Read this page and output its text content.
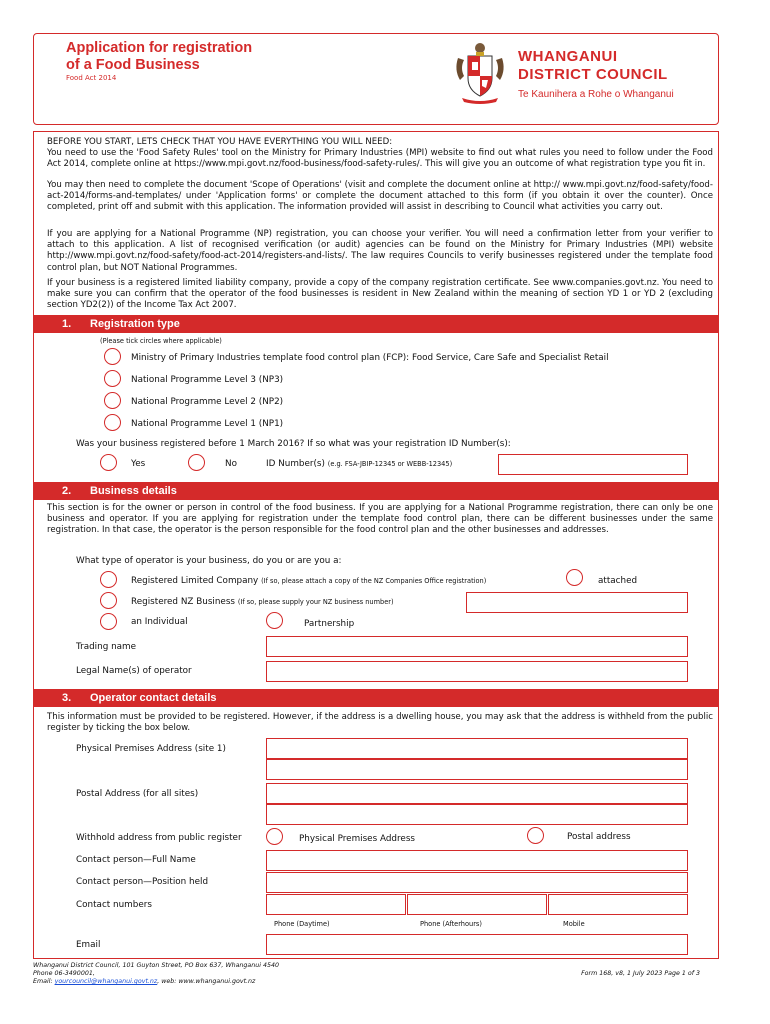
Application for registration
of a Food Business
Food Act 2014
WHANGANUI
DISTRICT COUNCIL
Te Kaunihera a Rohe o Whanganui
BEFORE YOU START, LETS CHECK THAT YOU HAVE EVERYTHING YOU WILL NEED:
You need to use the 'Food Safety Rules' tool on the Ministry for Primary Industries (MPI) website to find out what rules you need to follow under the Food Act 2014, complete online at https://www.mpi.govt.nz/food-business/food-safety-rules/. This will give you an outcome of what registration type you fit in.
You may then need to complete the document 'Scope of Operations' (visit and complete the document online at http:// www.mpi.govt.nz/food-safety/food-act-2014/forms-and-templates/ under 'Application forms' or complete the document attached to this form (if you obtain it over the counter). Once completed, print off and submit with this application. The information provided will assist in describing to Council what activities you carry out.
If you are applying for a National Programme (NP) registration, you can choose your verifier. You will need a confirmation letter from your verifier to attach to this application. A list of recognised verification (or audit) agencies can be found on the Ministry for Primary Industries (MPI) website http://www.mpi.govt.nz/food-safety/food-act-2014/registers-and-lists/. The law requires Councils to verify businesses registered under the template food control plan, but NOT National Programmes.
If your business is a registered limited liability company, provide a copy of the company registration certificate. See www.companies.govt.nz. You need to make sure you can confirm that the operator of the food businesses is resident in New Zealand within the meaning of section YD 1 or YD 2 (excluding section YD2(2)) of the Income Tax Act 2007.
1. Registration type
(Please tick circles where applicable)
Ministry of Primary Industries template food control plan (FCP): Food Service, Care Safe and Specialist Retail
National Programme Level 3 (NP3)
National Programme Level 2 (NP2)
National Programme Level 1 (NP1)
Was your business registered before 1 March 2016? If so what was your registration ID Number(s):
Yes	No	ID Number(s) (e.g. FSA-JBIP-12345 or WEBB-12345)
2. Business details
This section is for the owner or person in control of the food business. If you are applying for a National Programme registration, there can only be one business and operator. If you are applying for registration under the template food control plan, there can be different businesses under the same registration. In that case, the operator is the person responsible for the food control plan and the other businesses and addresses.
What type of operator is your business, do you or are you a:
Registered Limited Company (If so, please attach a copy of the NZ Companies Office registration)	attached
Registered NZ Business (If so, please supply your NZ business number)
an Individual	Partnership
Trading name
Legal Name(s) of operator
3. Operator contact details
This information must be provided to be registered. However, if the address is a dwelling house, you may ask that the address is withheld from the public register by ticking the box below.
Physical Premises Address (site 1)
Postal Address (for all sites)
Withhold address from public register	Physical Premises Address	Postal address
Contact person—Full Name
Contact person—Position held
Contact numbers
Phone (Daytime)	Phone (Afterhours)	Mobile
Email
Whanganui District Council, 101 Guyton Street, PO Box 637, Whanganui 4540
Phone 06-3490001,
Email: yourcouncil@whanganui.govt.nz, web: www.whanganui.govt.nz
Form 168, v8, 1 July 2023 Page 1 of 3
